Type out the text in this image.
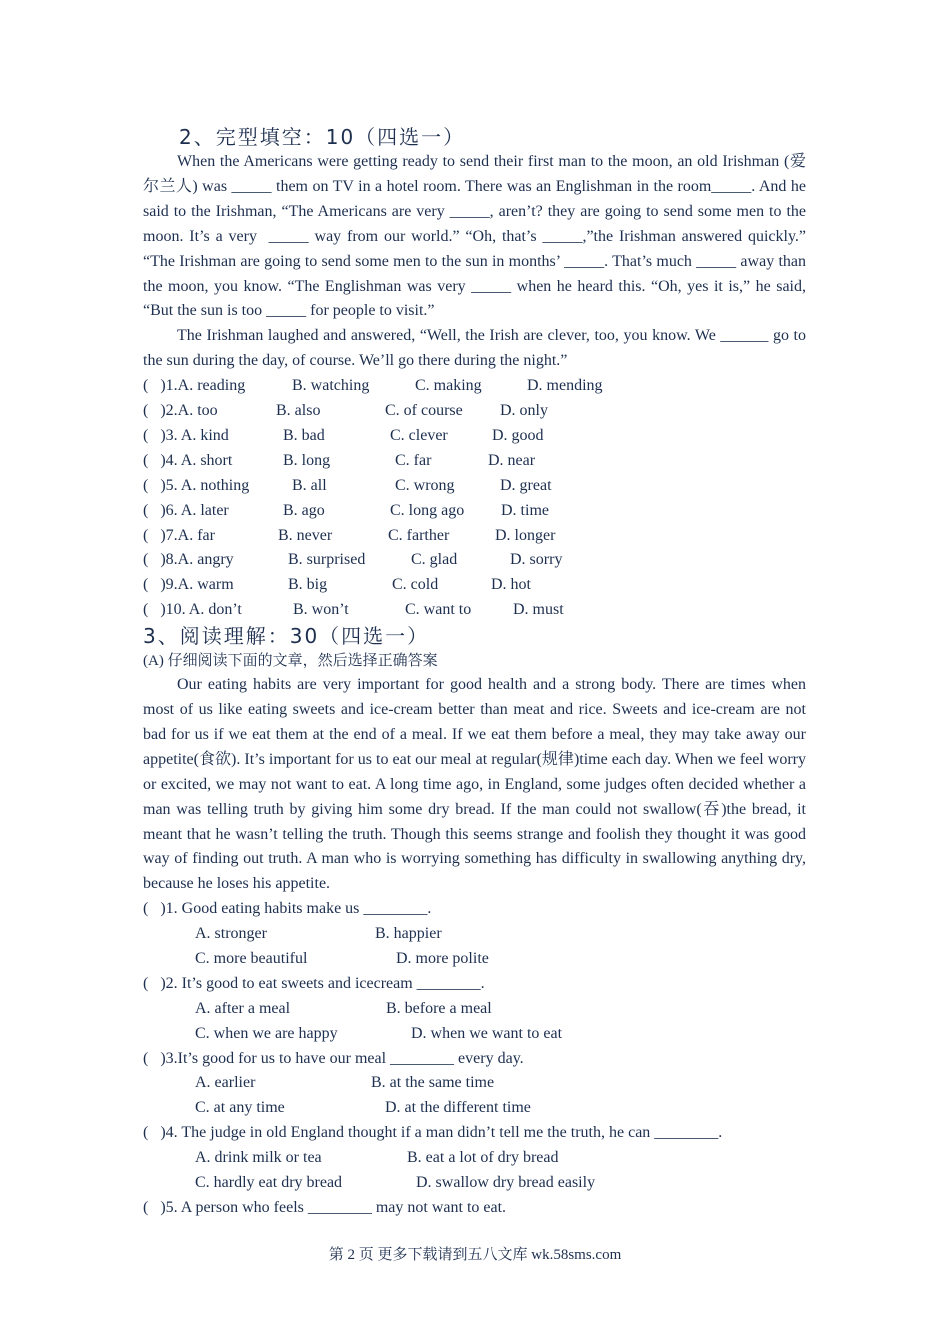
2、完型填空：10（四选一）

When the Americans were getting ready to send their first man to the moon, an old Irishman (爱尔兰人) was _____ them on TV in a hotel room. There was an Englishman in the room_____. And he said to the Irishman, “The Americans are very _____, aren’t? they are going to send some men to the moon. It’s a very  _____ way from our world.” “Oh, that’s _____,”the Irishman answered quickly.” “The Irishman are going to send some men to the sun in months’ _____. That’s much _____ away than the moon, you know. “The Englishman was very _____ when he heard this. “Oh, yes it is,” he said, “But the sun is too _____ for people to visit.”

The Irishman laughed and answered, “Well, the Irish are clever, too, you know. We ______ go to the sun during the day, of course. We’ll go there during the night.”

(   )1.A. reading

	B. watching

	C. making

	D. mending

(   )2.A. too

	B. also

	C. of course

D. only

(   )3. A. kind

	B. bad

	C. clever

	D. good

(   )4. A. short

	B. long

	C. far

	D. near

(   )5. A. nothing

	B. all

	C. wrong

	D. great

(   )6. A. later

	B. ago

	C. long ago

D. time

(   )7.A. far

	B. never

	C. farther

	D. longer

(   )8.A. angry

	B. surprised

	C. glad

	D. sorry

(   )9.A. warm

	B. big

	C. cold

	D. hot

(   )10. A. don’t

	B. won’t

	C. want to

	D. must

3、阅读理解：30（四选一）
(A) 仔细阅读下面的文章，然后选择正确答案

Our eating habits are very important for good health and a strong body. There are times when most of us like eating sweets and ice-cream better than meat and rice. Sweets and ice-cream are not bad for us if we eat them at the end of a meal. If we eat them before a meal, they may take away our appetite(食欲). It’s important for us to eat our meal at regular(规律)time each day. When we feel worry or excited, we may not want to eat. A long time ago, in England, some judges often decided whether a man was telling truth by giving him some dry bread. If the man could not swallow(吞)the bread, it meant that he wasn’t telling the truth. Though this seems strange and foolish they thought it was good way of finding out truth. A man who is worrying something has difficulty in swallowing anything dry, because he loses his appetite.

(   )1. Good eating habits make us ________.

A. stronger

	B. happier

C. more beautiful

	D. more polite

(   )2. It’s good to eat sweets and icecream ________.

A. after a meal

	B. before a meal

C. when we are happy

	D. when we want to eat

(   )3.It’s good for us to have our meal ________ every day.

A. earlier

	B. at the same time

C. at any time

	D. at the different time

(   )4. The judge in old England thought if a man didn’t tell me the truth, he can ________.

A. drink milk or tea

	B. eat a lot of dry bread

C. hardly eat dry bread

	D. swallow dry bread easily

(   )5. A person who feels ________ may not want to eat.
第 2 页 更多下载请到五八文库 wk.58sms.com
